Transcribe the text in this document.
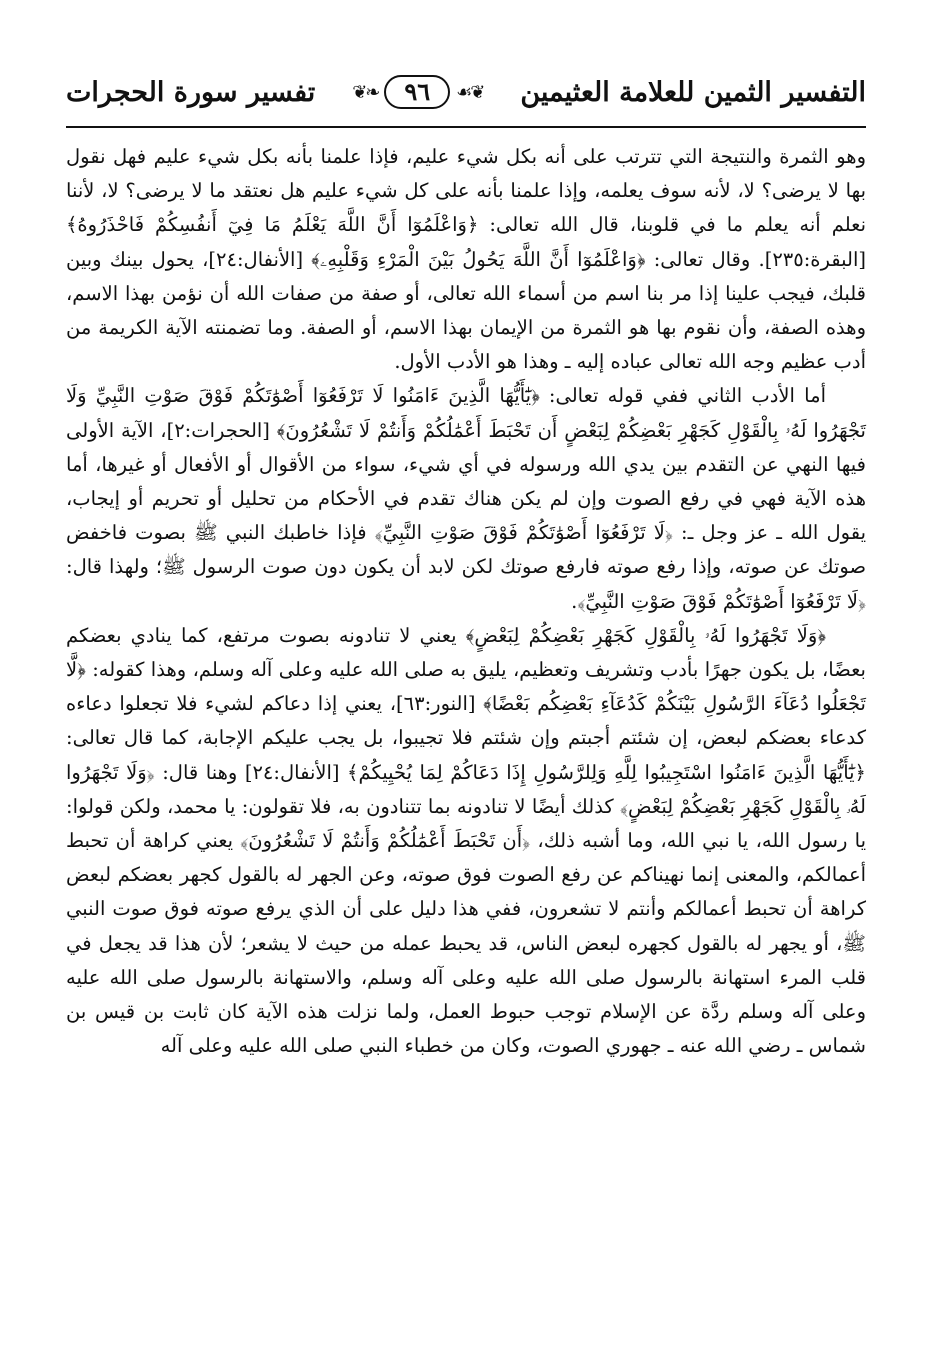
التفسير الثمين للعلامة العثيمين
❦❧	٩٦	☙❦
تفسير سورة الحجرات

وهو الثمرة والنتيجة التي تترتب على أنه بكل شيء عليم، فإذا علمنا بأنه بكل شيء عليم فهل نقول بها لا يرضى؟ لا، لأنه سوف يعلمه، وإذا علمنا بأنه على كل شيء عليم هل نعتقد ما لا يرضى؟ لا، لأننا نعلم أنه يعلم ما في قلوبنا، قال الله تعالى: ﴿وَاعْلَمُوٓا أَنَّ اللَّهَ يَعْلَمُ مَا فِيٓ أَنفُسِكُمْ فَاحْذَرُوهُ﴾ [البقرة:٢٣٥]. وقال تعالى: ﴿وَاعْلَمُوٓا أَنَّ اللَّهَ يَحُولُ بَيْنَ الْمَرْءِ وَقَلْبِهِۦ﴾ [الأنفال:٢٤]، يحول بينك وبين قلبك، فيجب علينا إذا مر بنا اسم من أسماء الله تعالى، أو صفة من صفات الله أن نؤمن بهذا الاسم، وهذه الصفة، وأن نقوم بها هو الثمرة من الإيمان بهذا الاسم، أو الصفة. وما تضمنته الآية الكريمة من أدب عظيم وجه الله تعالى عباده إليه ـ وهذا هو الأدب الأول.

أما الأدب الثاني ففي قوله تعالى: ﴿يَٰٓأَيُّهَا الَّذِينَ ءَامَنُوا لَا تَرْفَعُوٓا أَصْوَٰتَكُمْ فَوْقَ صَوْتِ النَّبِيِّ وَلَا تَجْهَرُوا لَهُۥ بِالْقَوْلِ كَجَهْرِ بَعْضِكُمْ لِبَعْضٍ أَن تَحْبَطَ أَعْمَٰلُكُمْ وَأَنتُمْ لَا تَشْعُرُونَ﴾ [الحجرات:٢]، الآية الأولى فيها النهي عن التقدم بين يدي الله ورسوله في أي شيء، سواء من الأقوال أو الأفعال أو غيرها، أما هذه الآية فهي في رفع الصوت وإن لم يكن هناك تقدم في الأحكام من تحليل أو تحريم أو إيجاب، يقول الله ـ عز وجل ـ: ﴿لَا تَرْفَعُوٓا أَصْوَٰتَكُمْ فَوْقَ صَوْتِ النَّبِيِّ﴾ فإذا خاطبك النبي ﷺ بصوت فاخفض صوتك عن صوته، وإذا رفع صوته فارفع صوتك لكن لابد أن يكون دون صوت الرسول ﷺ؛ ولهذا قال: ﴿لَا تَرْفَعُوٓا أَصْوَٰتَكُمْ فَوْقَ صَوْتِ النَّبِيِّ﴾.

﴿وَلَا تَجْهَرُوا لَهُۥ بِالْقَوْلِ كَجَهْرِ بَعْضِكُمْ لِبَعْضٍ﴾ يعني لا تنادونه بصوت مرتفع، كما ينادي بعضكم بعضًا، بل يكون جهرًا بأدب وتشريف وتعظيم، يليق به صلى الله عليه وعلى آله وسلم، وهذا كقوله: ﴿لَّا تَجْعَلُوا دُعَآءَ الرَّسُولِ بَيْنَكُمْ كَدُعَآءِ بَعْضِكُم بَعْضًا﴾ [النور:٦٣]، يعني إذا دعاكم لشيء فلا تجعلوا دعاءه كدعاء بعضكم لبعض، إن شئتم أجبتم وإن شئتم فلا تجيبوا، بل يجب عليكم الإجابة، كما قال تعالى: ﴿يَٰٓأَيُّهَا الَّذِينَ ءَامَنُوا اسْتَجِيبُوا لِلَّهِ وَلِلرَّسُولِ إِذَا دَعَاكُمْ لِمَا يُحْيِيكُمْ﴾ [الأنفال:٢٤] وهنا قال: ﴿وَلَا تَجْهَرُوا لَهُۥ بِالْقَوْلِ كَجَهْرِ بَعْضِكُمْ لِبَعْضٍ﴾ كذلك أيضًا لا تنادونه بما تتنادون به، فلا تقولون: يا محمد، ولكن قولوا: يا رسول الله، يا نبي الله، وما أشبه ذلك، ﴿أَن تَحْبَطَ أَعْمَٰلُكُمْ وَأَنتُمْ لَا تَشْعُرُونَ﴾ يعني كراهة أن تحبط أعمالكم، والمعنى إنما نهيناكم عن رفع الصوت فوق صوته، وعن الجهر له بالقول كجهر بعضكم لبعض كراهة أن تحبط أعمالكم وأنتم لا تشعرون، ففي هذا دليل على أن الذي يرفع صوته فوق صوت النبي ﷺ، أو يجهر له بالقول كجهره لبعض الناس، قد يحبط عمله من حيث لا يشعر؛ لأن هذا قد يجعل في قلب المرء استهانة بالرسول صلى الله عليه وعلى آله وسلم، والاستهانة بالرسول صلى الله عليه وعلى آله وسلم ردَّة عن الإسلام توجب حبوط العمل، ولما نزلت هذه الآية كان ثابت بن قيس بن شماس ـ رضي الله عنه ـ جهوري الصوت، وكان من خطباء النبي صلى الله عليه وعلى آله
